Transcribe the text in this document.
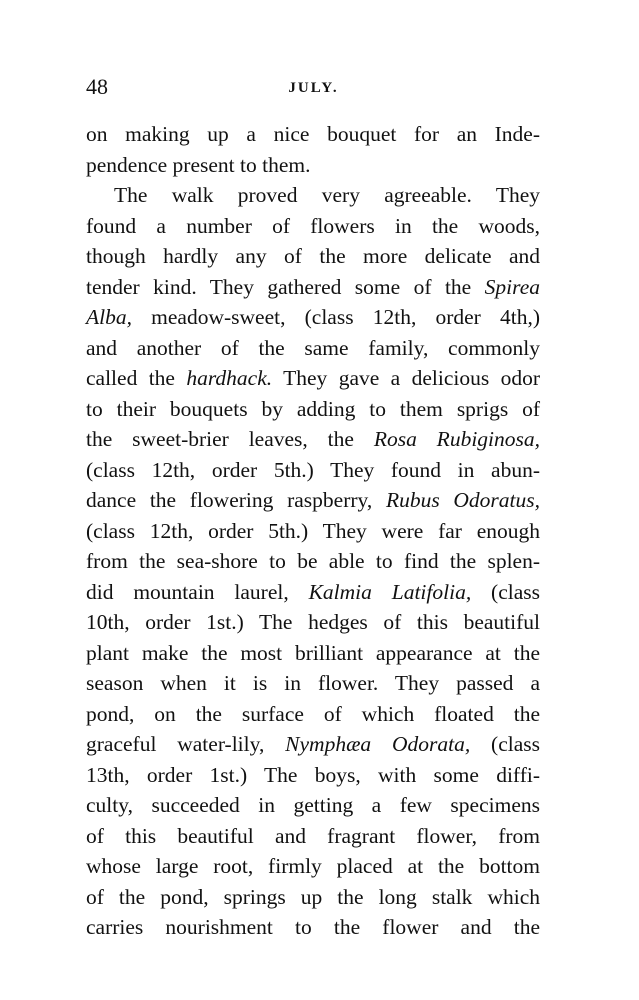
48	JULY.
on making up a nice bouquet for an Inde-
pendence present to them.
The walk proved very agreeable. They
found a number of flowers in the woods,
though hardly any of the more delicate and
tender kind. They gathered some of the Spirea
Alba, meadow-sweet, (class 12th, order 4th,)
and another of the same family, commonly
called the hardhack. They gave a delicious odor
to their bouquets by adding to them sprigs of
the sweet-brier leaves, the Rosa Rubiginosa,
(class 12th, order 5th.) They found in abun-
dance the flowering raspberry, Rubus Odoratus,
(class 12th, order 5th.) They were far enough
from the sea-shore to be able to find the splen-
did mountain laurel, Kalmia Latifolia, (class
10th, order 1st.) The hedges of this beautiful
plant make the most brilliant appearance at the
season when it is in flower. They passed a
pond, on the surface of which floated the
graceful water-lily, Nymphæa Odorata, (class
13th, order 1st.) The boys, with some diffi-
culty, succeeded in getting a few specimens
of this beautiful and fragrant flower, from
whose large root, firmly placed at the bottom
of the pond, springs up the long stalk which
carries nourishment to the flower and the
